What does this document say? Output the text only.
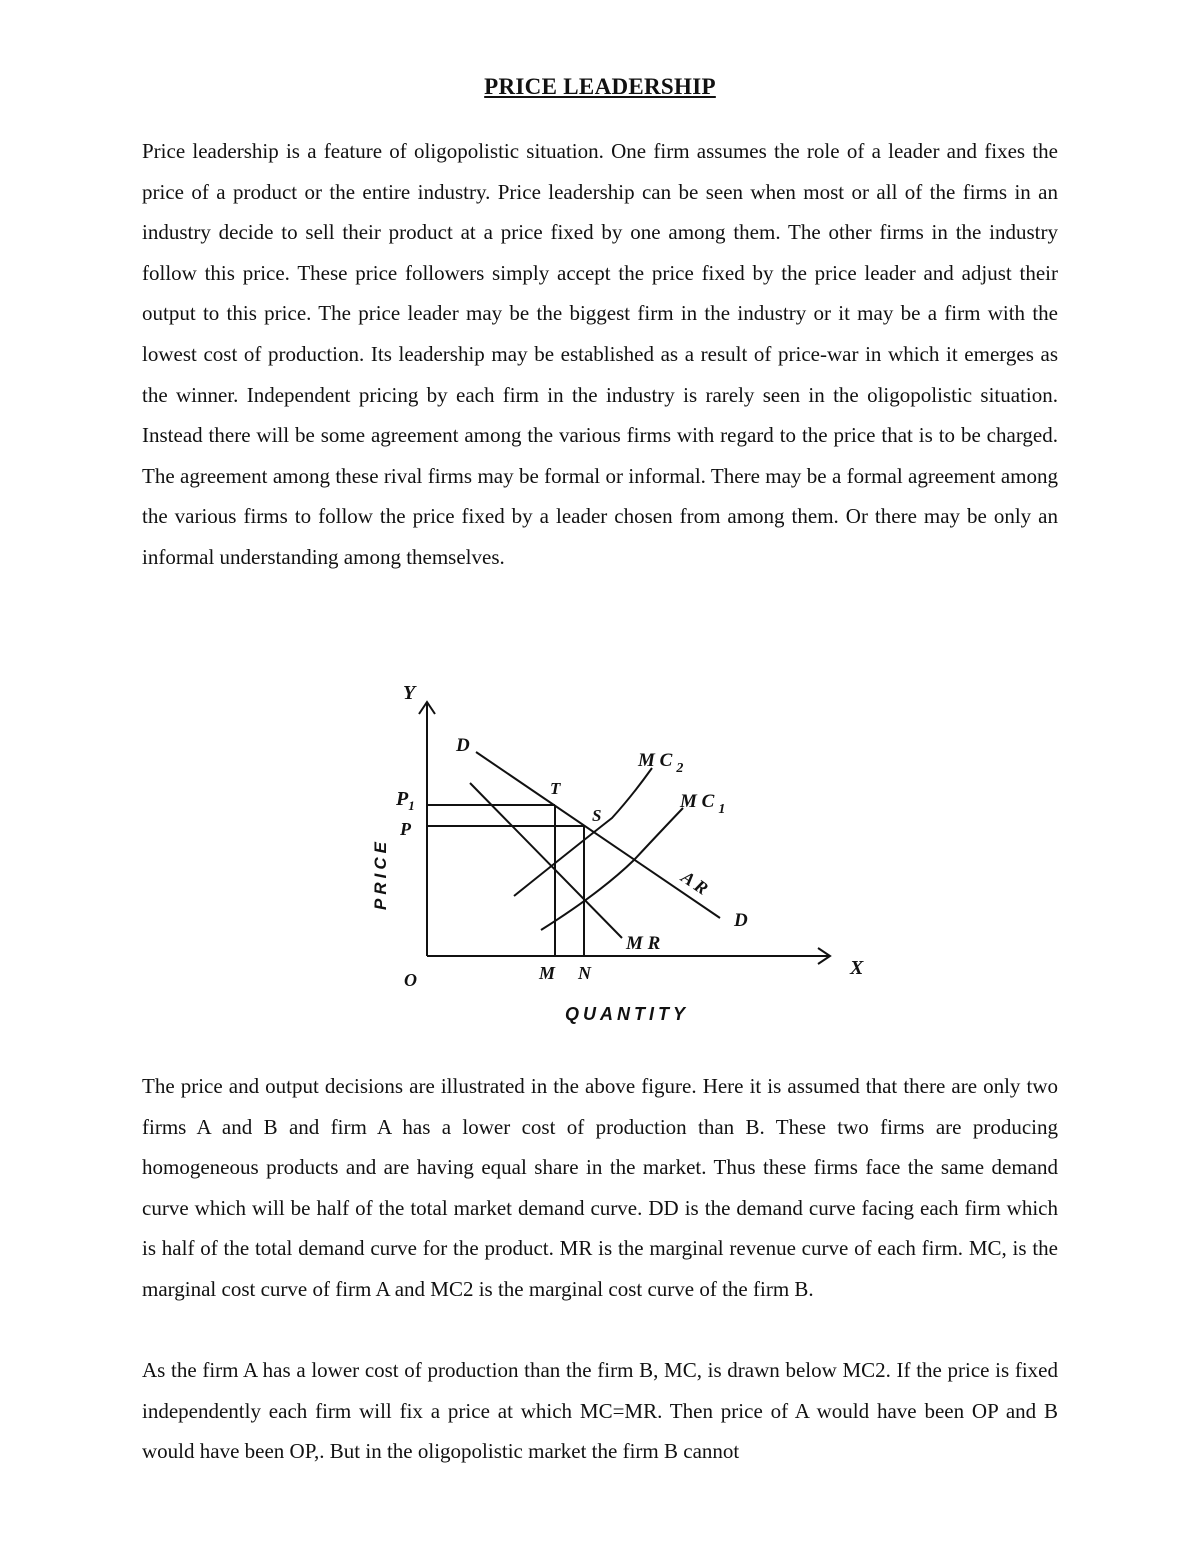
PRICE LEADERSHIP

Price leadership is a feature of oligopolistic situation. One firm assumes the role of a leader and fixes the price of a product or the entire industry. Price leadership can be seen when most or all of the firms in an industry decide to sell their product at a price fixed by one among them. The other firms in the industry follow this price. These price followers simply accept the price fixed by the price leader and adjust their output to this price. The price leader may be the biggest firm in the industry or it may be a firm with the lowest cost of production. Its leadership may be established as a result of price-war in which it emerges as the winner. Independent pricing by each firm in the industry is rarely seen in the oligopolistic situation. Instead there will be some agreement among the various firms with regard to the price that is to be charged. The agreement among these rival firms may be formal or informal. There may be a formal agreement among the various firms to follow the price fixed by a leader chosen from among them. Or there may be only an informal understanding among themselves.

Y
X
O
$P_1$
P
T
S
D
D
M C $_2$
M C $_1$
A R
M R
M N
PRICE
QUANTITY

The price and output decisions are illustrated in the above figure. Here it is assumed that there are only two firms A and B and firm A has a lower cost of production than B. These two firms are producing homogeneous products and are having equal share in the market. Thus these firms face the same demand curve which will be half of the total market demand curve. DD is the demand curve facing each firm which is half of the total demand curve for the product. MR is the marginal revenue curve of each firm. MC, is the marginal cost curve of firm A and MC2 is the marginal cost curve of the firm B.

As the firm A has a lower cost of production than the firm B, MC, is drawn below MC2. If the price is fixed independently each firm will fix a price at which MC=MR. Then price of A would have been OP and B would have been OP,. But in the oligopolistic market the firm B cannot
